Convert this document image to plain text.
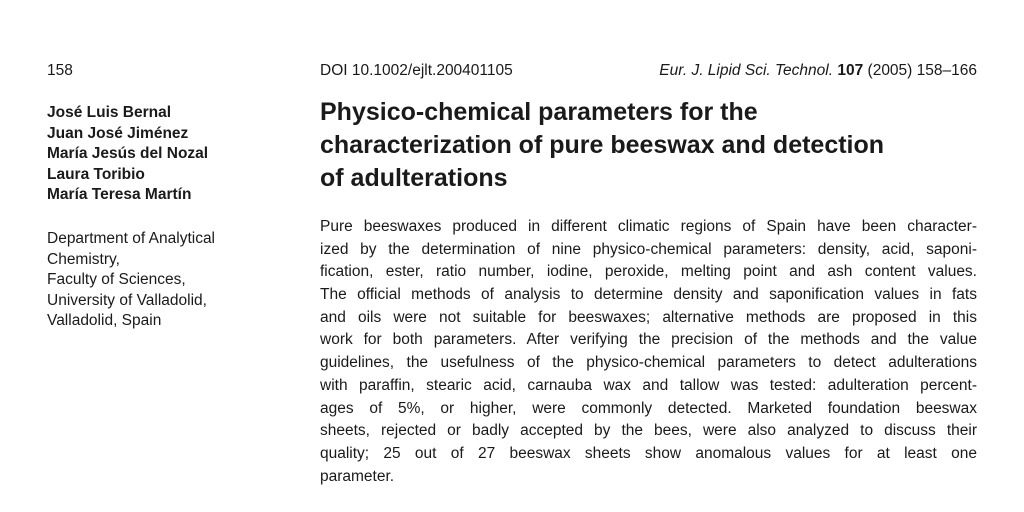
158	DOI 10.1002/ejlt.200401105	Eur. J. Lipid Sci. Technol. 107 (2005) 158–166
José Luis Bernal
Juan José Jiménez
María Jesús del Nozal
Laura Toribio
María Teresa Martín
Department of Analytical
Chemistry,
Faculty of Sciences,
University of Valladolid,
Valladolid, Spain
Physico-chemical parameters for the
characterization of pure beeswax and detection
of adulterations
Pure beeswaxes produced in different climatic regions of Spain have been character-
ized by the determination of nine physico-chemical parameters: density, acid, saponi-
fication, ester, ratio number, iodine, peroxide, melting point and ash content values.
The official methods of analysis to determine density and saponification values in fats
and oils were not suitable for beeswaxes; alternative methods are proposed in this
work for both parameters. After verifying the precision of the methods and the value
guidelines, the usefulness of the physico-chemical parameters to detect adulterations
with paraffin, stearic acid, carnauba wax and tallow was tested: adulteration percent-
ages of 5%, or higher, were commonly detected. Marketed foundation beeswax
sheets, rejected or badly accepted by the bees, were also analyzed to discuss their
quality; 25 out of 27 beeswax sheets show anomalous values for at least one
parameter.
